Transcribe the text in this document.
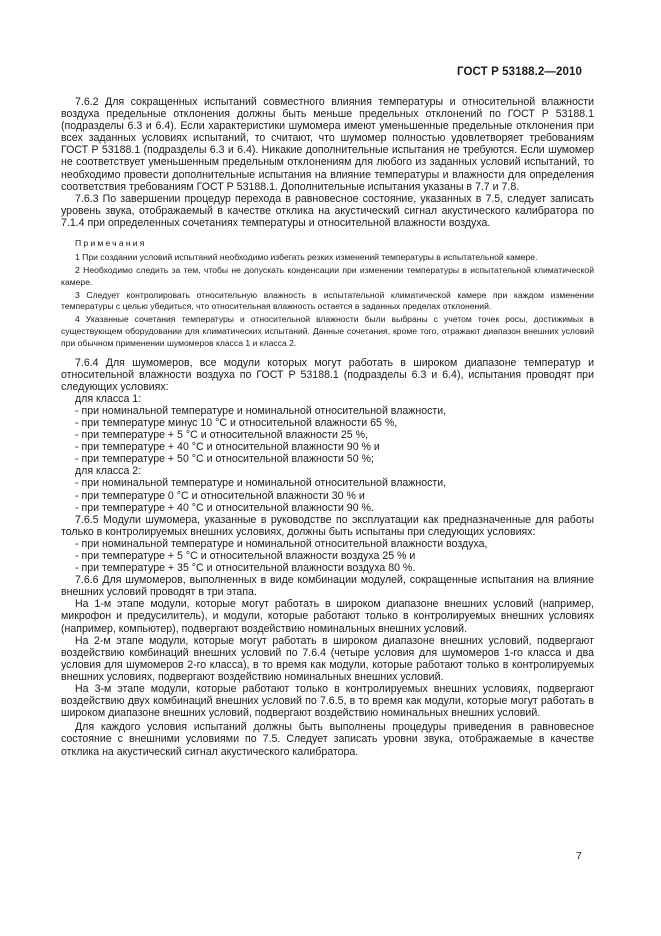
ГОСТ Р 53188.2—2010

7.6.2 Для сокращенных испытаний совместного влияния температуры и относительной влажности воздуха предельные отклонения должны быть меньше предельных отклонений по ГОСТ Р 53188.1 (подразделы 6.3 и 6.4). Если характеристики шумомера имеют уменьшенные предельные отклонения при всех заданных условиях испытаний, то считают, что шумомер полностью удовлетворяет требованиям ГОСТ Р 53188.1 (подразделы 6.3 и 6.4). Никакие дополнительные испытания не требуются. Если шумомер не соответствует уменьшенным предельным отклонениям для любого из заданных условий испытаний, то необходимо провести дополнительные испытания на влияние температуры и влажности для определения соответствия требованиям ГОСТ Р 53188.1. Дополнительные испытания указаны в 7.7 и 7.8.

7.6.3 По завершении процедур перехода в равновесное состояние, указанных в 7.5, следует записать уровень звука, отображаемый в качестве отклика на акустический сигнал акустического калибратора по 7.1.4 при определенных сочетаниях температуры и относительной влажности воздуха.

Примечания

1 При создании условий испытаний необходимо избегать резких изменений температуры в испытательной камере.

2 Необходимо следить за тем, чтобы не допускать конденсации при изменении температуры в испытательной климатической камере.

3 Следует контролировать относительную влажность в испытательной климатической камере при каждом изменении температуры с целью убедиться, что относительная влажность остается в заданных пределах отклонений.

4 Указанные сочетания температуры и относительной влажности были выбраны с учетом точек росы, достижимых в существующем оборудовании для климатических испытаний. Данные сочетания, кроме того, отражают диапазон внешних условий при обычном применении шумомеров класса 1 и класса 2.

7.6.4 Для шумомеров, все модули которых могут работать в широком диапазоне температур и относительной влажности воздуха по ГОСТ Р 53188.1 (подразделы 6.3 и 6.4), испытания проводят при следующих условиях:

для класса 1:

- при номинальной температуре и номинальной относительной влажности,

- при температуре минус 10 °С и относительной влажности 65 %,

- при температуре + 5 °С и относительной влажности 25 %,

- при температуре + 40 °С и относительной влажности 90 % и

- при температуре + 50 °С и относительной влажности 50 %;

для класса 2:

- при номинальной температуре и номинальной относительной влажности,

- при температуре 0 °С и относительной влажности 30 % и

- при температуре + 40 °С и относительной влажности 90 %.

7.6.5 Модули шумомера, указанные в руководстве по эксплуатации как предназначенные для работы только в контролируемых внешних условиях, должны быть испытаны при следующих условиях:

- при номинальной температуре и номинальной относительной влажности воздуха,

- при температуре + 5 °С и относительной влажности воздуха 25 % и

- при температуре + 35 °С и относительной влажности воздуха 80 %.

7.6.6 Для шумомеров, выполненных в виде комбинации модулей, сокращенные испытания на влияние внешних условий проводят в три этапа.

На 1-м этапе модули, которые могут работать в широком диапазоне внешних условий (например, микрофон и предусилитель), и модули, которые работают только в контролируемых внешних условиях (например, компьютер), подвергают воздействию номинальных внешних условий.

На 2-м этапе модули, которые могут работать в широком диапазоне внешних условий, подвергают воздействию комбинаций внешних условий по 7.6.4 (четыре условия для шумомеров 1-го класса и два условия для шумомеров 2-го класса), в то время как модули, которые работают только в контролируемых внешних условиях, подвергают воздействию номинальных внешних условий.

На 3-м этапе модули, которые работают только в контролируемых внешних условиях, подвергают воздействию двух комбинаций внешних условий по 7.6.5, в то время как модули, которые могут работать в широком диапазоне внешних условий, подвергают воздействию номинальных внешних условий.

Для каждого условия испытаний должны быть выполнены процедуры приведения в равновесное состояние с внешними условиями по 7.5. Следует записать уровни звука, отображаемые в качестве отклика на акустический сигнал акустического калибратора.

7
